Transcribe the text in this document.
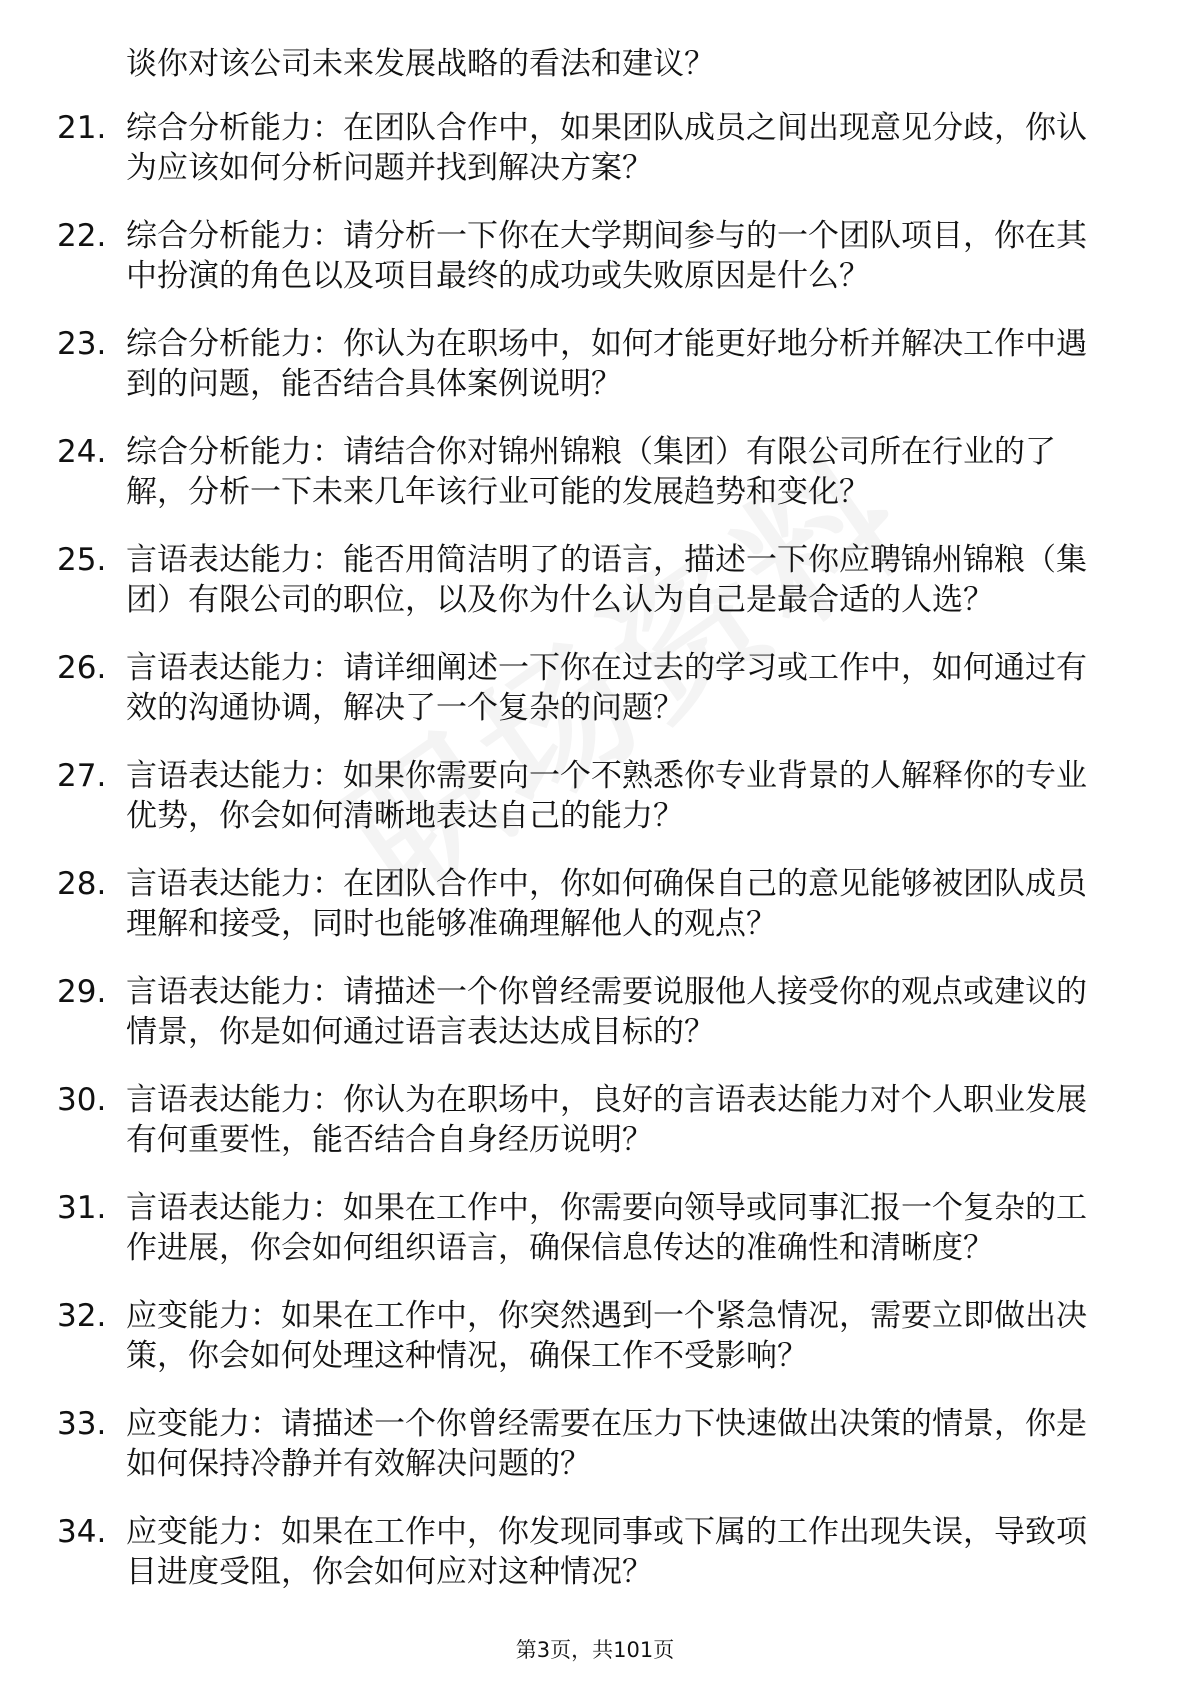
谈你对该公司未来发展战略的看法和建议？
21. 综合分析能力：在团队合作中，如果团队成员之间出现意见分歧，你认为应该如何分析问题并找到解决方案？
22. 综合分析能力：请分析一下你在大学期间参与的一个团队项目，你在其中扮演的角色以及项目最终的成功或失败原因是什么？
23. 综合分析能力：你认为在职场中，如何才能更好地分析并解决工作中遇到的问题，能否结合具体案例说明？
24. 综合分析能力：请结合你对锦州锦粮（集团）有限公司所在行业的了解，分析一下未来几年该行业可能的发展趋势和变化？
25. 言语表达能力：能否用简洁明了的语言，描述一下你应聘锦州锦粮（集团）有限公司的职位，以及你为什么认为自己是最合适的人选？
26. 言语表达能力：请详细阐述一下你在过去的学习或工作中，如何通过有效的沟通协调，解决了一个复杂的问题？
27. 言语表达能力：如果你需要向一个不熟悉你专业背景的人解释你的专业优势，你会如何清晰地表达自己的能力？
28. 言语表达能力：在团队合作中，你如何确保自己的意见能够被团队成员理解和接受，同时也能够准确理解他人的观点？
29. 言语表达能力：请描述一个你曾经需要说服他人接受你的观点或建议的情景，你是如何通过语言表达达成目标的？
30. 言语表达能力：你认为在职场中，良好的言语表达能力对个人职业发展有何重要性，能否结合自身经历说明？
31. 言语表达能力：如果在工作中，你需要向领导或同事汇报一个复杂的工作进展，你会如何组织语言，确保信息传达的准确性和清晰度？
32. 应变能力：如果在工作中，你突然遇到一个紧急情况，需要立即做出决策，你会如何处理这种情况，确保工作不受影响？
33. 应变能力：请描述一个你曾经需要在压力下快速做出决策的情景，你是如何保持冷静并有效解决问题的？
34. 应变能力：如果在工作中，你发现同事或下属的工作出现失误，导致项目进度受阻，你会如何应对这种情况？
第3页，共101页
